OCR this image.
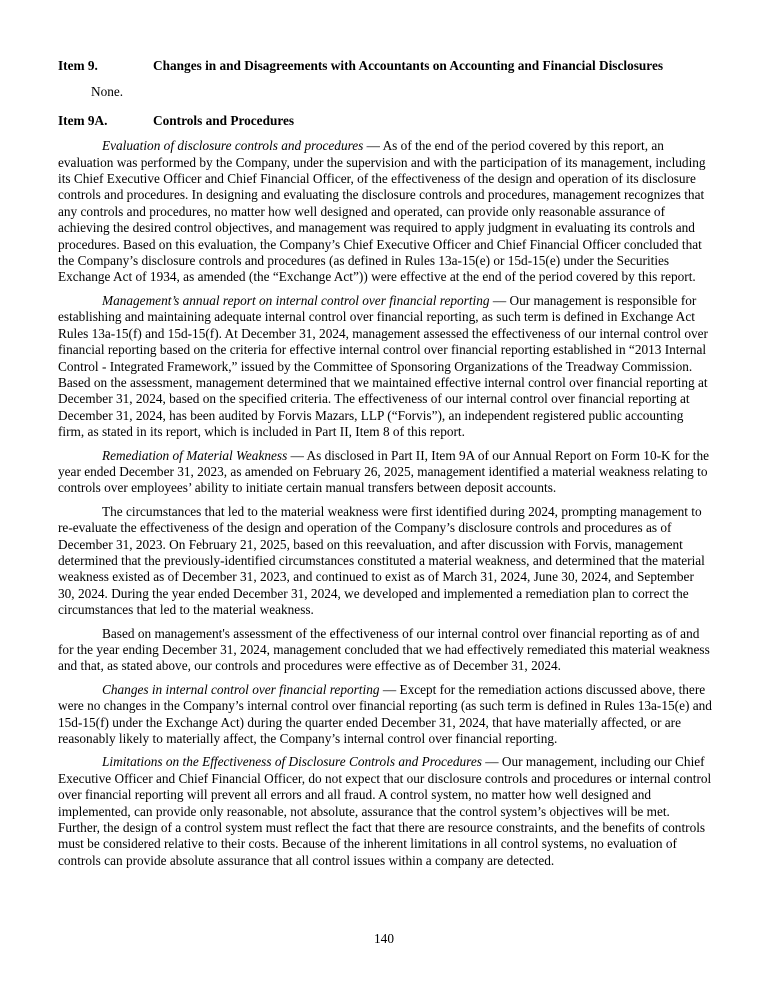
Item 9.	Changes in and Disagreements with Accountants on Accounting and Financial Disclosures

None.

Item 9A.	Controls and Procedures

Evaluation of disclosure controls and procedures — As of the end of the period covered by this report, an evaluation was performed by the Company, under the supervision and with the participation of its management, including its Chief Executive Officer and Chief Financial Officer, of the effectiveness of the design and operation of its disclosure controls and procedures. In designing and evaluating the disclosure controls and procedures, management recognizes that any controls and procedures, no matter how well designed and operated, can provide only reasonable assurance of achieving the desired control objectives, and management was required to apply judgment in evaluating its controls and procedures. Based on this evaluation, the Company’s Chief Executive Officer and Chief Financial Officer concluded that the Company’s disclosure controls and procedures (as defined in Rules 13a-15(e) or 15d-15(e) under the Securities Exchange Act of 1934, as amended (the “Exchange Act”)) were effective at the end of the period covered by this report.

Management’s annual report on internal control over financial reporting — Our management is responsible for establishing and maintaining adequate internal control over financial reporting, as such term is defined in Exchange Act Rules 13a-15(f) and 15d-15(f). At December 31, 2024, management assessed the effectiveness of our internal control over financial reporting based on the criteria for effective internal control over financial reporting established in “2013 Internal Control - Integrated Framework,” issued by the Committee of Sponsoring Organizations of the Treadway Commission. Based on the assessment, management determined that we maintained effective internal control over financial reporting at December 31, 2024, based on the specified criteria. The effectiveness of our internal control over financial reporting at December 31, 2024, has been audited by Forvis Mazars, LLP (“Forvis”), an independent registered public accounting firm, as stated in its report, which is included in Part II, Item 8 of this report.

Remediation of Material Weakness — As disclosed in Part II, Item 9A of our Annual Report on Form 10-K for the year ended December 31, 2023, as amended on February 26, 2025, management identified a material weakness relating to controls over employees’ ability to initiate certain manual transfers between deposit accounts.

The circumstances that led to the material weakness were first identified during 2024, prompting management to re-evaluate the effectiveness of the design and operation of the Company’s disclosure controls and procedures as of December 31, 2023. On February 21, 2025, based on this reevaluation, and after discussion with Forvis, management determined that the previously-identified circumstances constituted a material weakness, and determined that the material weakness existed as of December 31, 2023, and continued to exist as of March 31, 2024, June 30, 2024, and September 30, 2024. During the year ended December 31, 2024, we developed and implemented a remediation plan to correct the circumstances that led to the material weakness.

Based on management's assessment of the effectiveness of our internal control over financial reporting as of and for the year ending December 31, 2024, management concluded that we had effectively remediated this material weakness and that, as stated above, our controls and procedures were effective as of December 31, 2024.

Changes in internal control over financial reporting — Except for the remediation actions discussed above, there were no changes in the Company’s internal control over financial reporting (as such term is defined in Rules 13a-15(e) and 15d-15(f) under the Exchange Act) during the quarter ended December 31, 2024, that have materially affected, or are reasonably likely to materially affect, the Company’s internal control over financial reporting.

Limitations on the Effectiveness of Disclosure Controls and Procedures — Our management, including our Chief Executive Officer and Chief Financial Officer, do not expect that our disclosure controls and procedures or internal control over financial reporting will prevent all errors and all fraud. A control system, no matter how well designed and implemented, can provide only reasonable, not absolute, assurance that the control system’s objectives will be met. Further, the design of a control system must reflect the fact that there are resource constraints, and the benefits of controls must be considered relative to their costs. Because of the inherent limitations in all control systems, no evaluation of controls can provide absolute assurance that all control issues within a company are detected.

140
